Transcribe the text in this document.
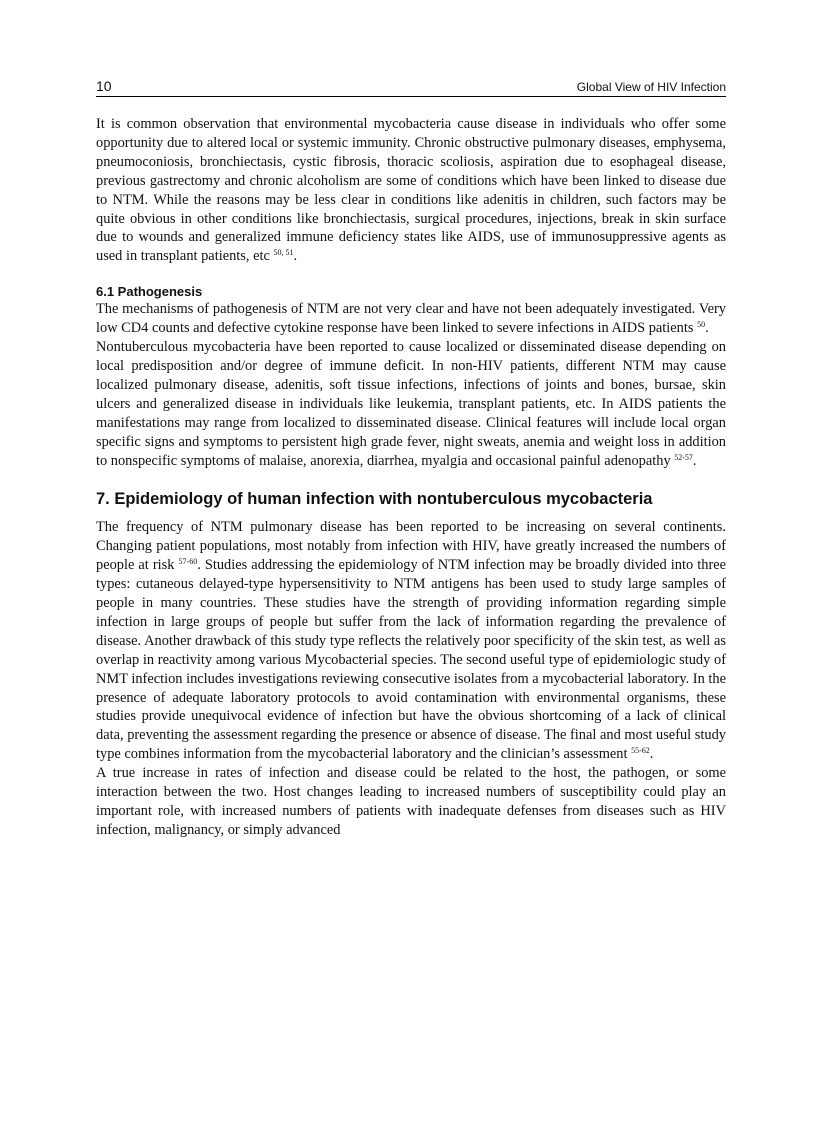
10	Global View of HIV Infection

It is common observation that environmental mycobacteria cause disease in individuals who offer some opportunity due to altered local or systemic immunity. Chronic obstructive pulmonary diseases, emphysema, pneumoconiosis, bronchiectasis, cystic fibrosis, thoracic scoliosis, aspiration due to esophageal disease, previous gastrectomy and chronic alcoholism are some of conditions which have been linked to disease due to NTM. While the reasons may be less clear in conditions like adenitis in children, such factors may be quite obvious in other conditions like bronchiectasis, surgical procedures, injections, break in skin surface due to wounds and generalized immune deficiency states like AIDS, use of immunosuppressive agents as used in transplant patients, etc $^{50, 51}$.

6.1 Pathogenesis

The mechanisms of pathogenesis of NTM are not very clear and have not been adequately investigated. Very low CD4 counts and defective cytokine response have been linked to severe infections in AIDS patients $^{50}$.

Nontuberculous mycobacteria have been reported to cause localized or disseminated disease depending on local predisposition and/or degree of immune deficit. In non-HIV patients, different NTM may cause localized pulmonary disease, adenitis, soft tissue infections, infections of joints and bones, bursae, skin ulcers and generalized disease in individuals like leukemia, transplant patients, etc. In AIDS patients the manifestations may range from localized to disseminated disease. Clinical features will include local organ specific signs and symptoms to persistent high grade fever, night sweats, anemia and weight loss in addition to nonspecific symptoms of malaise, anorexia, diarrhea, myalgia and occasional painful adenopathy $^{52-57}$.

7. Epidemiology of human infection with nontuberculous mycobacteria

The frequency of NTM pulmonary disease has been reported to be increasing on several continents. Changing patient populations, most notably from infection with HIV, have greatly increased the numbers of people at risk $^{57-60}$. Studies addressing the epidemiology of NTM infection may be broadly divided into three types: cutaneous delayed-type hypersensitivity to NTM antigens has been used to study large samples of people in many countries. These studies have the strength of providing information regarding simple infection in large groups of people but suffer from the lack of information regarding the prevalence of disease. Another drawback of this study type reflects the relatively poor specificity of the skin test, as well as overlap in reactivity among various Mycobacterial species. The second useful type of epidemiologic study of NMT infection includes investigations reviewing consecutive isolates from a mycobacterial laboratory. In the presence of adequate laboratory protocols to avoid contamination with environmental organisms, these studies provide unequivocal evidence of infection but have the obvious shortcoming of a lack of clinical data, preventing the assessment regarding the presence or absence of disease. The final and most useful study type combines information from the mycobacterial laboratory and the clinician’s assessment $^{55-62}$.

A true increase in rates of infection and disease could be related to the host, the pathogen, or some interaction between the two. Host changes leading to increased numbers of susceptibility could play an important role, with increased numbers of patients with inadequate defenses from diseases such as HIV infection, malignancy, or simply advanced
